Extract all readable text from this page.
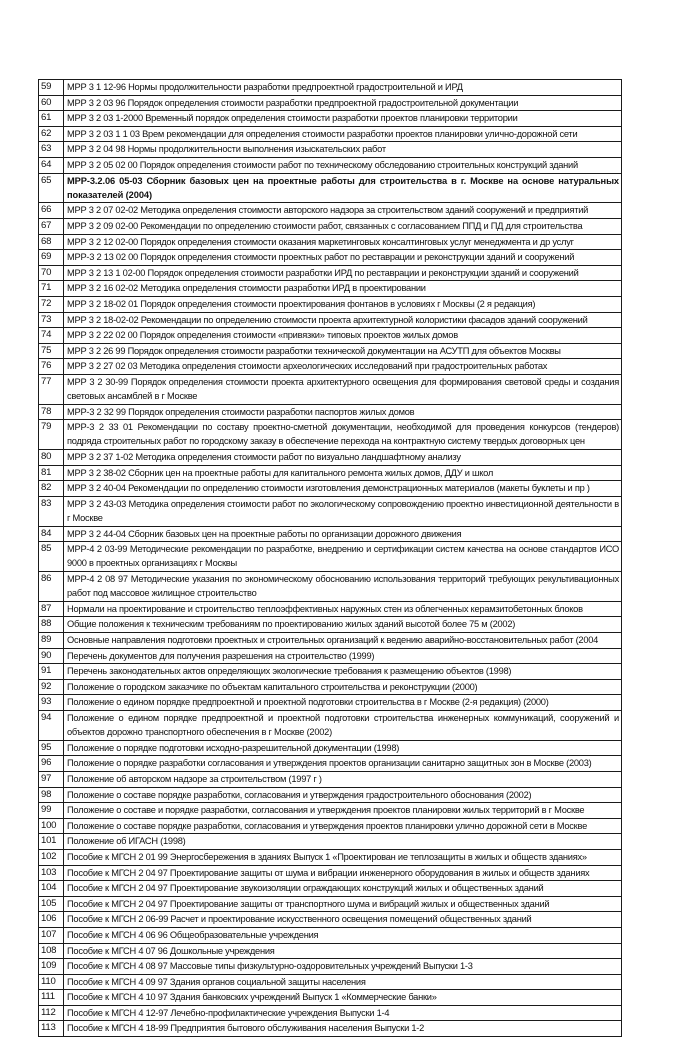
59	МРР 3 1 12-96 Нормы продолжительности разработки предпроектной градостроительной и ИРД
60	МРР 3 2 03 96 Порядок определения стоимости разработки предпроектной градостроительной документации
61	МРР 3 2 03 1-2000 Временный порядок определения стоимости разработки проектов планировки территории
62	МРР 3 2 03 1 1 03 Врем рекомендации для определения стоимости разработки проектов планировки улично-дорожной сети
63	МРР 3 2 04 98 Нормы продолжительности выполнения изыскательских работ
64	МРР 3 2 05 02 00 Порядок определения стоимости работ по техническому обследованию строительных конструкций зданий
65	МРР-3.2.06 05-03 Сборник базовых цен на проектные работы для строительства в г. Москве на основе натуральных показателей (2004)
66	МРР 3 2 07 02-02 Методика определения стоимости авторского надзора за строительством зданий сооружений и предприятий
67	МРР 3 2 09 02-00 Рекомендации по определению стоимости работ, связанных с согласованием ППД и ПД для строительства
68	МРР 3 2 12 02-00 Порядок определения стоимости оказания маркетинговых консалтинговых услуг менеджмента и др услуг
69	МРР-3 2 13 02 00 Порядок определения стоимости проектных работ по реставрации и реконструкции зданий и сооружений
70	МРР 3 2 13 1 02-00 Порядок определения стоимости разработки ИРД по реставрации и реконструкции зданий и сооружений
71	МРР 3 2 16 02-02 Методика определения стоимости разработки ИРД в проектировании
72	МРР 3 2 18-02 01 Порядок определения стоимости проектирования фонтанов в условиях г Москвы (2 я редакция)
73	МРР 3 2 18-02-02 Рекомендации по определению стоимости проекта архитектурной колористики фасадов зданий сооружений
74	МРР 3 2 22 02 00 Порядок определения стоимости «привязки» типовых проектов жилых домов
75	МРР 3 2 26 99 Порядок определения стоимости разработки технической документации на АСУТП для объектов Москвы
76	МРР 3 2 27 02 03 Методика определения стоимости археологических исследований при градостроительных работах
77	МРР 3 2 30-99 Порядок определения стоимости проекта архитектурного освещения для формирования световой среды и создания световых ансамблей в г Москве
78	МРР-3 2 32 99 Порядок определения стоимости разработки паспортов жилых домов
79	МРР-3 2 33 01 Рекомендации по составу проектно-сметной документации, необходимой для проведения конкурсов (тендеров) подряда строительных работ по городскому заказу в обеспечение перехода на контрактную систему твердых договорных цен
80	МРР 3 2 37 1-02 Методика определения стоимости работ по визуально ландшафтному анализу
81	МРР 3 2 38-02 Сборник цен на проектные работы для капитального ремонта жилых домов, ДДУ и школ
82	МРР 3 2 40-04 Рекомендации по определению стоимости изготовления демонстрационных материалов (макеты буклеты и пр )
83	МРР 3 2 43-03 Методика определения стоимости работ по экологическому сопровождению проектно инвестиционной деятельности в г Москве
84	МРР 3 2 44-04 Сборник базовых цен на проектные работы по организации дорожного движения
85	МРР-4 2 03-99 Методические рекомендации по разработке, внедрению и сертификации систем качества на основе стандартов ИСО 9000 в проектных организациях г Москвы
86	МРР-4 2 08 97 Методические указания по экономическому обоснованию использования территорий требующих рекультивационных работ под массовое жилищное строительство
87	Нормали на проектирование и строительство теплоэффективных наружных стен из облегченных керамзитобетонных блоков
88	Общие положения к техническим требованиям по проектированию жилых зданий высотой более 75 м (2002)
89	Основные направления подготовки проектных и строительных организаций к ведению аварийно-восстановительных работ (2004
90	Перечень документов для получения разрешения на строительство (1999)
91	Перечень законодательных актов определяющих экологические требования к размещению объектов (1998)
92	Положение о городском заказчике по объектам капитального строительства и реконструкции (2000)
93	Положение о едином порядке предпроектной и проектной подготовки строительства в г Москве (2-я редакция) (2000)
94	Положение о едином порядке предпроектной и проектной подготовки строительства инженерных коммуникаций, сооружений и объектов дорожно транспортного обеспечения в г Москве (2002)
95	Положение о порядке подготовки исходно-разрешительной документации (1998)
96	Положение о порядке разработки согласования и утверждения проектов организации санитарно защитных зон в Москве (2003)
97	Положение об авторском надзоре за строительством (1997 г )
98	Положение о составе порядке разработки, согласования и утверждения градостроительного обоснования (2002)
99	Положение о составе и порядке разработки, согласования и утверждения проектов планировки жилых территорий в г Москве
100	Положение о составе порядке разработки, согласования и утверждения проектов планировки улично дорожной сети в Москве
101	Положение об ИГАСН (1998)
102	Пособие к МГСН 2 01 99 Энергосбережения в зданиях Выпуск 1 «Проектирован ие теплозащиты в жилых и обществ зданиях»
103	Пособие к МГСН 2 04 97 Проектирование защиты от шума и вибрации инженерного оборудования в жилых и обществ зданиях
104	Пособие к МГСН 2 04 97 Проектирование звукоизоляции ограждающих конструкций жилых и общественных зданий
105	Пособие к МГСН 2 04 97 Проектирование защиты от транспортного шума и вибраций жилых и общественных зданий
106	Пособие к МГСН 2 06-99 Расчет и проектирование искусственного освещения помещений общественных зданий
107	Пособие к МГСН 4 06 96 Общеобразовательные учреждения
108	Пособие к МГСН 4 07 96 Дошкольные учреждения
109	Пособие к МГСН 4 08 97 Массовые типы физкультурно-оздоровительных учреждений Выпуски 1-3
110	Пособие к МГСН 4 09 97 Здания органов социальной защиты населения
111	Пособие к МГСН 4 10 97 Здания банковских учреждений Выпуск 1 «Коммерческие банки»
112	Пособие к МГСН 4 12-97 Лечебно-профилактические учреждения Выпуски 1-4
113	Пособие к МГСН 4 18-99 Предприятия бытового обслуживания населения Выпуски 1-2
